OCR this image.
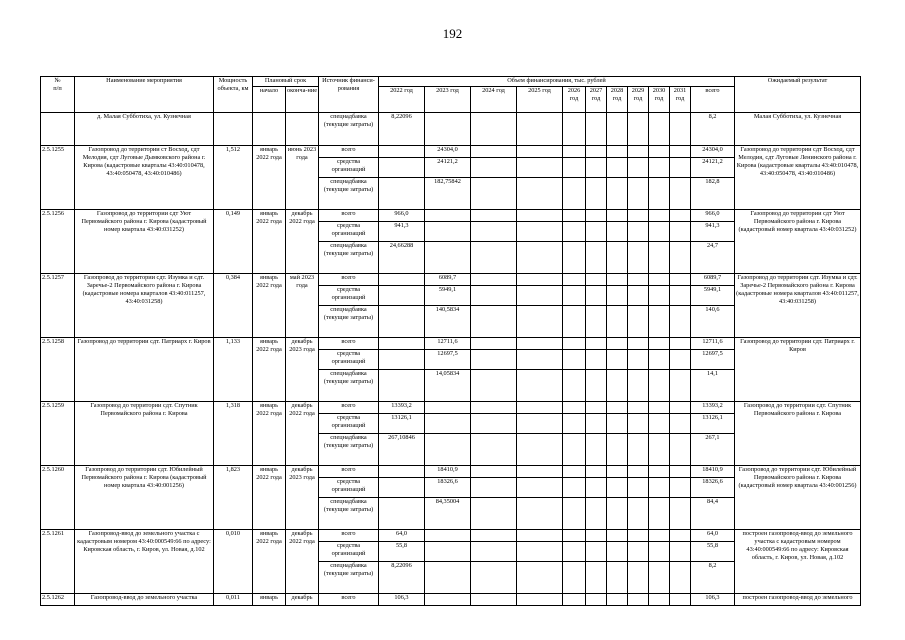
192
№
п/п	Наименование мероприятия	Мощность объекта, км	Плановый срок		Источник финанси-рования	Объем финансирования, тыс. рублей											Ожидаемый результат
			начало	оконча-ние		2022 год	2023 год	2024 год	2025 год	2026 год	2027 год	2028 год	2029 год	2030 год	2031 год	всего	

	д. Малая Субботиха, ул. Кузнечная				спецнадбавка (текущие затраты)	8,22096										8,2	Малая Субботиха, ул. Кузнечная
2.5.1255	Газопровод до территории ст Восход, сдт Мелодия, сдт Луговые Дымковского района г. Кирова (кадастровые кварталы 43:40:010478, 43:40:050478, 43:40:010486)	1,512	январь 2022 года	июнь 2023 года	всего		24304,0									24304,0	Газопровод до территории сдт Восход, сдт Мелодия, сдт Луговые Ленинского района г. Кирова (кадастровые кварталы 43:40:010478, 43:40:050478, 43:40:010486)
					средства организаций		24121,2									24121,2	
					спецнадбавка (текущие затраты)		182,75842									182,8	
2.5.1256	Газопровод до территории сдт Уют Первомайского района г. Кирова (кадастровый номер квартала 43:40:031252)	0,149	январь 2022 года	декабрь 2022 года	всего	966,0										966,0	Газопровод до территории сдт Уют Первомайского района г. Кирова (кадастровый номер квартала 43:40:031252)
					средства организаций	941,3										941,3	
					спецнадбавка (текущие затраты)	24,66288										24,7	
2.5.1257	Газопровод до территории сдт. Изумка и сдт. Заречье-2 Первомайского района г. Кирова (кадастровые номера кварталов 43:40:011257, 43:40:031258)	0,384	январь 2022 года	май 2023 года	всего		6089,7									6089,7	Газопровод до территории сдт. Изумка и сдт. Заречье-2 Первомайского района г. Кирова (кадастровые номера кварталов 43:40:011257, 43:40:031258)
					средства организаций		5949,1									5949,1	
					спецнадбавка (текущие затраты)		140,5834									140,6	
2.5.1258	Газопровод до территории сдт. Патриарх г. Киров	1,133	январь 2022 года	декабрь 2023 года	всего		12711,6									12711,6	Газопровод до территории сдт. Патриарх г. Киров
					средства организаций		12697,5									12697,5	
					спецнадбавка (текущие затраты)		14,05834									14,1	
2.5.1259	Газопровод до территории сдт. Спутник Первомайского района г. Кирова	1,318	январь 2022 года	декабрь 2022 года	всего	13393,2										13393,2	Газопровод до территории сдт. Спутник Первомайского района г. Кирова
					средства организаций	13126,1										13126,1	
					спецнадбавка (текущие затраты)	267,10846										267,1	
2.5.1260	Газопровод до территории сдт. Юбилейный Первомайского района г. Кирова (кадастровый номер квартала 43:40:001256)	1,823	январь 2022 года	декабрь 2023 года	всего		18410,9									18410,9	Газопровод до территории сдт. Юбилейный Первомайского района г. Кирова (кадастровый номер квартала 43:40:001256)
					средства организаций		18326,6									18326,6	
					спецнадбавка (текущие затраты)		84,35004									84,4	
2.5.1261	Газопровод-ввод до земельного участка с кадастровым номером 43:40:000549:66 по адресу: Кировская область, г. Киров, ул. Новая, д.102	0,010	январь 2022 года	декабрь 2022 года	всего	64,0										64,0	построен газопровод-ввод до земельного участка с кадастровым номером 43:40:000549:66 по адресу: Кировская область, г. Киров, ул. Новая, д.102
					средства организаций	55,8										55,8	
					спецнадбавка (текущие затраты)	8,22096										8,2	
2.5.1262	Газопровод-ввод до земельного участка	0,011	январь	декабрь	всего	106,3										106,3	построен газопровод-ввод до земельного
